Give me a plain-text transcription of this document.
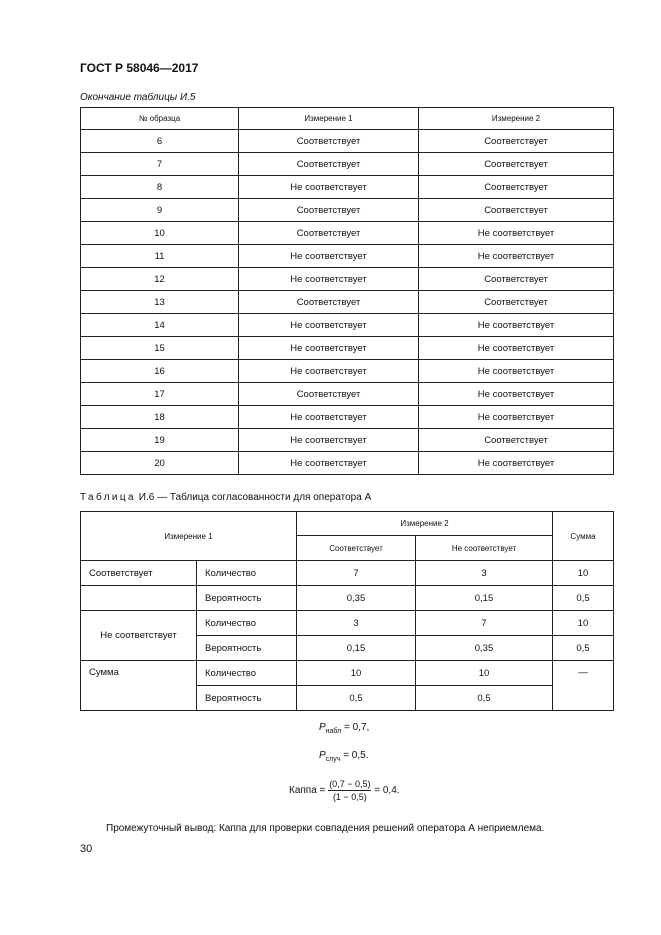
ГОСТ Р 58046—2017
Окончание таблицы И.5
№ образца	Измерение 1	Измерение 2
6	Соответствует	Соответствует
7	Соответствует	Соответствует
8	Не соответствует	Соответствует
9	Соответствует	Соответствует
10	Соответствует	Не соответствует
11	Не соответствует	Не соответствует
12	Не соответствует	Соответствует
13	Соответствует	Соответствует
14	Не соответствует	Не соответствует
15	Не соответствует	Не соответствует
16	Не соответствует	Не соответствует
17	Соответствует	Не соответствует
18	Не соответствует	Не соответствует
19	Не соответствует	Соответствует
20	Не соответствует	Не соответствует
Таблица И.6 — Таблица согласованности для оператора А
Измерение 1		Измерение 2		Сумма
		Соответствует	Не соответствует	
Соответствует	Количество	7	3	10
	Вероятность	0,35	0,15	0,5
Не соответствует	Количество	3	7	10
	Вероятность	0,15	0,35	0,5
Сумма	Количество	10	10	—
	Вероятность	0,5	0,5	
$P_{набл} = 0,7$,
$P_{случ} = 0,5$.
Каппа = $\frac{(0,7 - 0,5)}{(1 - 0,5)} = 0,4$.
Промежуточный вывод: Каппа для проверки совпадения решений оператора А неприемлема.
30
